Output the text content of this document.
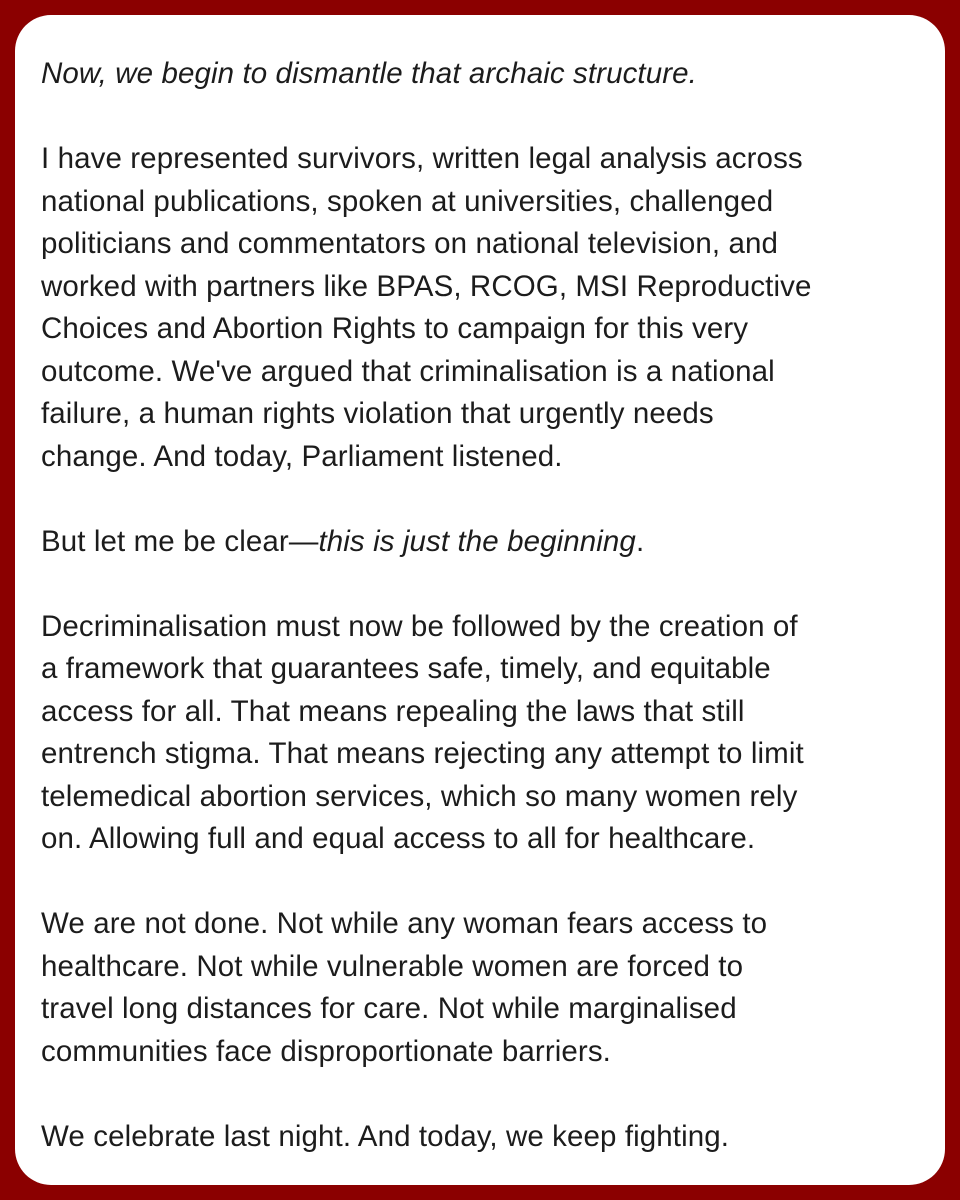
Now, we begin to dismantle that archaic structure.

I have represented survivors, written legal analysis across
national publications, spoken at universities, challenged
politicians and commentators on national television, and
worked with partners like BPAS, RCOG, MSI Reproductive
Choices and Abortion Rights to campaign for this very
outcome. We've argued that criminalisation is a national
failure, a human rights violation that urgently needs
change. And today, Parliament listened.

But let me be clear—this is just the beginning.

Decriminalisation must now be followed by the creation of
a framework that guarantees safe, timely, and equitable
access for all. That means repealing the laws that still
entrench stigma. That means rejecting any attempt to limit
telemedical abortion services, which so many women rely
on. Allowing full and equal access to all for healthcare.

We are not done. Not while any woman fears access to
healthcare. Not while vulnerable women are forced to
travel long distances for care. Not while marginalised
communities face disproportionate barriers.

We celebrate last night. And today, we keep fighting.
